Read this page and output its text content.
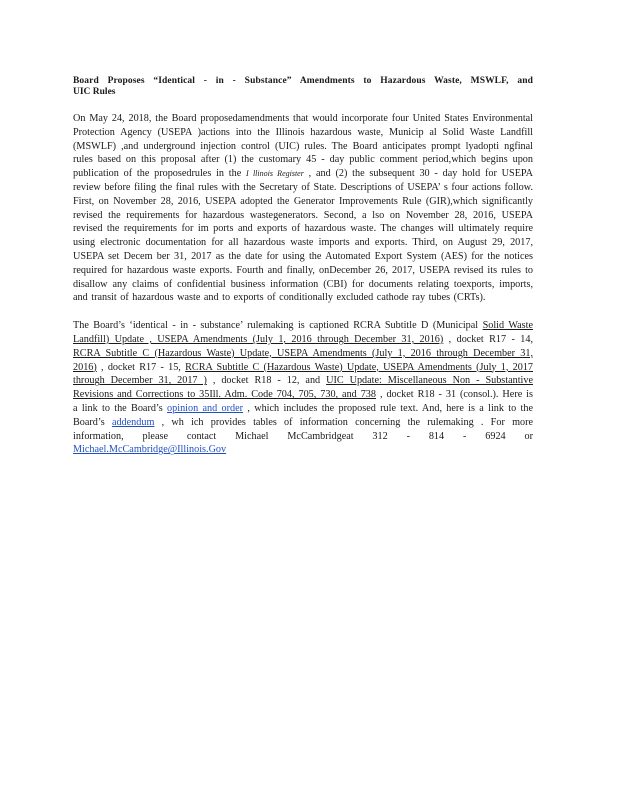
Board Proposes “Identical - in - Substance” Amendments to Hazardous Waste, MSWLF, and
UIC Rules

On May 24, 2018, the Board proposedamendments that would incorporate four United States Environmental Protection Agency (USEPA )actions into the Illinois hazardous waste, Municip al Solid Waste Landfill (MSWLF) ,and underground injection control (UIC) rules. The Board anticipates prompt lyadopti ngfinal rules based on this proposal after (1) the customary 45 - day public comment period,which begins upon publication of the proposedrules in the I llinois Register , and (2) the subsequent 30 - day hold for USEPA review before filing the final rules with the Secretary of State. Descriptions of USEPA’ s four actions follow. First, on November 28, 2016, USEPA adopted the Generator Improvements Rule (GIR),which significantly revised the requirements for hazardous wastegenerators. Second, a lso on November 28, 2016, USEPA revised the requirements for im ports and exports of hazardous waste. The changes will ultimately require using electronic documentation for all hazardous waste imports and exports. Third, on August 29, 2017, USEPA set Decem ber 31, 2017 as the date for using the Automated Export System (AES) for the notices required for hazardous waste exports. Fourth and finally, onDecember 26, 2017, USEPA revised its rules to disallow any claims of confidential business information (CBI) for documents relating toexports, imports, and transit of hazardous waste and to exports of conditionally excluded cathode ray tubes (CRTs).

The Board’s ‘identical - in - substance’ rulemaking is captioned RCRA Subtitle D (Municipal Solid Waste Landfill) Update , USEPA Amendments (July 1, 2016 through December 31, 2016) , docket R17 - 14, RCRA Subtitle C (Hazardous Waste) Update, USEPA Amendments (July 1, 2016 through December 31, 2016) , docket R17 - 15, RCRA Subtitle C (Hazardous Waste) Update, USEPA Amendments (July 1, 2017 through December 31, 2017 ) , docket R18 - 12, and UIC Update: Miscellaneous Non - Substantive Revisions and Corrections to 35Ill. Adm. Code 704, 705, 730, and 738 , docket R18 - 31 (consol.). Here is a link to the Board’s opinion and order , which includes the proposed rule text. And, here is a link to the Board’s addendum , wh ich provides tables of information concerning the rulemaking . For more information, please contact Michael McCambridgeat 312 - 814 - 6924 or Michael.McCambridge@Illinois.Gov
